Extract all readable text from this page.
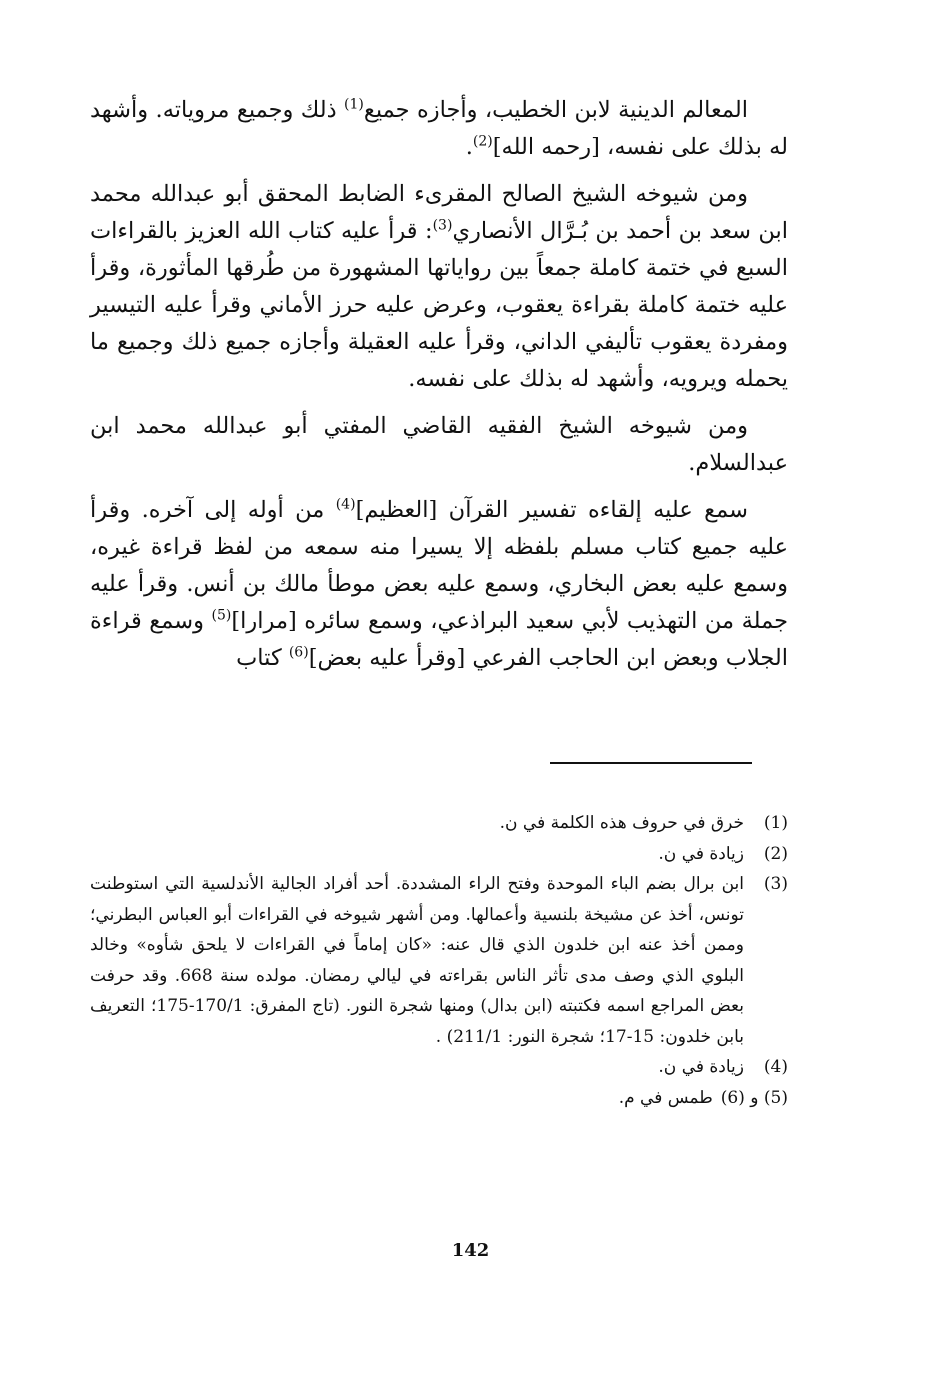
المعالم الدينية لابن الخطيب، وأجازه جميع$^{(1)}$ ذلك وجميع مروياته. وأشهد له بذلك على نفسه، [رحمه الله]$^{(2)}$.

ومن شيوخه الشيخ الصالح المقرىء الضابط المحقق أبو عبدالله محمد ابن سعد بن أحمد بن بُـرَّال الأنصاري$^{(3)}$: قرأ عليه كتاب الله العزيز بالقراءات السبع في ختمة كاملة جمعاً بين رواياتها المشهورة من طُرقها المأثورة، وقرأ عليه ختمة كاملة بقراءة يعقوب، وعرض عليه حرز الأماني وقرأ عليه التيسير ومفردة يعقوب تأليفي الداني، وقرأ عليه العقيلة وأجازه جميع ذلك وجميع ما يحمله ويرويه، وأشهد له بذلك على نفسه.

ومن شيوخه الشيخ الفقيه القاضي المفتي أبو عبدالله محمد ابن عبدالسلام.

سمع عليه إلقاءه تفسير القرآن [العظيم]$^{(4)}$ من أوله إلى آخره. وقرأ عليه جميع كتاب مسلم بلفظه إلا يسيرا منه سمعه من لفظ قراءة غيره، وسمع عليه بعض البخاري، وسمع عليه بعض موطأ مالك بن أنس. وقرأ عليه جملة من التهذيب لأبي سعيد البراذعي، وسمع سائره [مرارا]$^{(5)}$ وسمع قراءة الجلاب وبعض ابن الحاجب الفرعي [وقرأ عليه بعض]$^{(6)}$ كتاب

(1)
خرق في حروف هذه الكلمة في ن.
(2)
زيادة في ن.
(3)
ابن برال بضم الباء الموحدة وفتح الراء المشددة. أحد أفراد الجالية الأندلسية التي استوطنت تونس، أخذ عن مشيخة بلنسية وأعمالها. ومن أشهر شيوخه في القراءات أبو العباس البطرني؛ وممن أخذ عنه ابن خلدون الذي قال عنه: «كان إماماً في القراءات لا يلحق شأوه» وخالد البلوي الذي وصف مدى تأثر الناس بقراءته في ليالي رمضان. مولده سنة 668. وقد حرفت بعض المراجع اسمه فكتبته (ابن بدال) ومنها شجرة النور. (تاج المفرق: 170/1-175؛ التعريف بابن خلدون: 15-17؛ شجرة النور: 211/1) .
(4)
زيادة في ن.
(5) و (6)
طمس في م.
142
